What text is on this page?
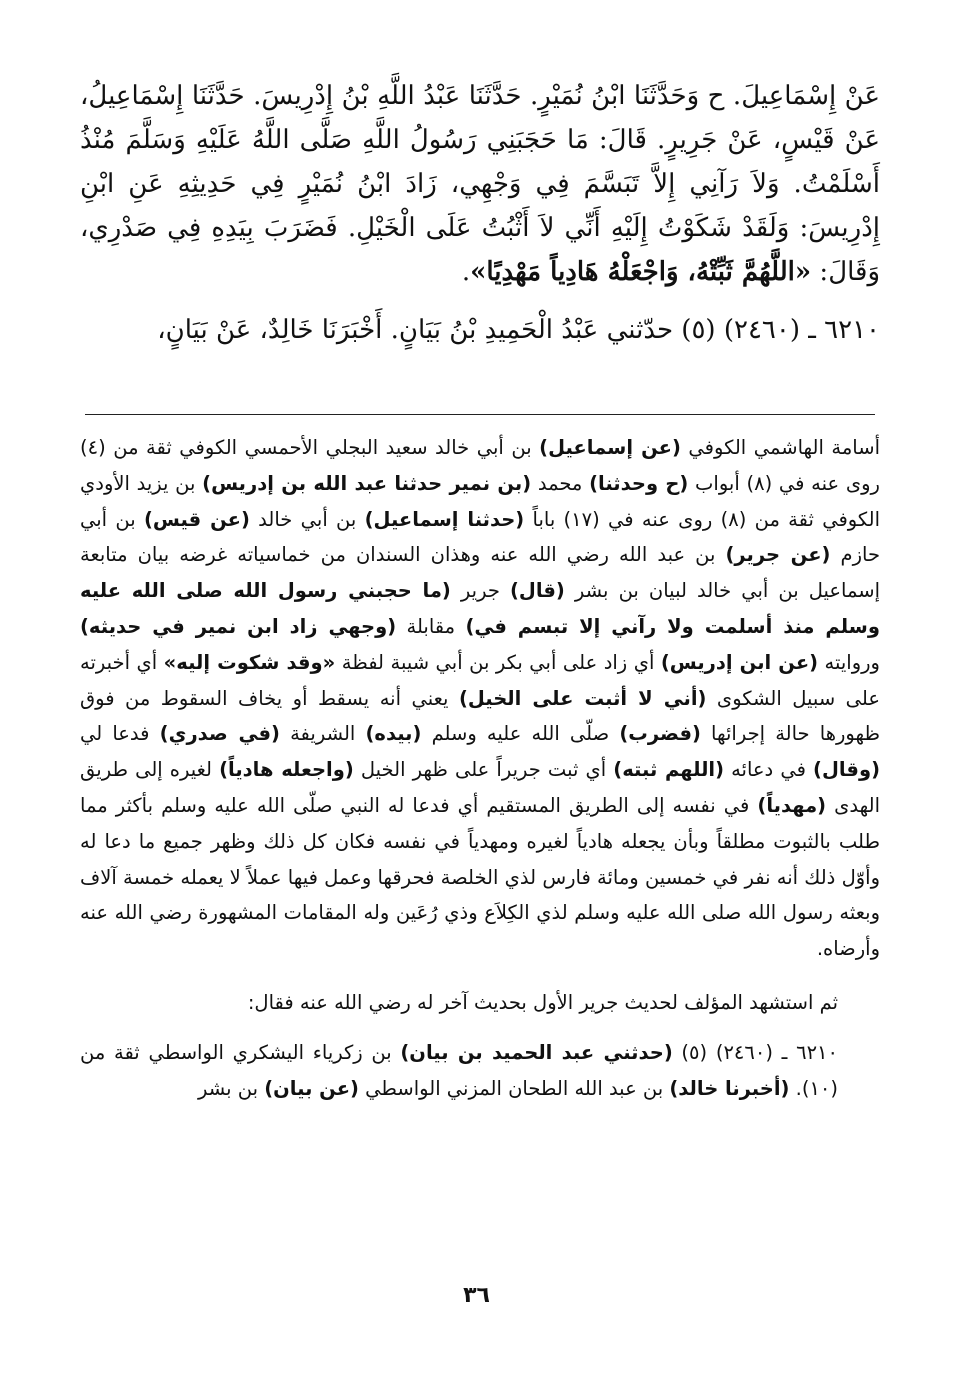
عَنْ إِسْمَاعِيلَ. ح وَحَدَّثَنَا ابْنُ نُمَيْرٍ. حَدَّثَنَا عَبْدُ اللَّهِ بْنُ إِدْرِيسَ. حَدَّثَنَا إِسْمَاعِيلُ، عَنْ قَيْسٍ، عَنْ جَرِيرٍ. قَالَ: مَا حَجَبَنِي رَسُولُ اللَّهِ صَلَّى اللَّهُ عَلَيْهِ وَسَلَّمَ مُنْذُ أَسْلَمْتُ. وَلاَ رَآنِي إِلاَّ تَبَسَّمَ فِي وَجْهِي، زَادَ ابْنُ نُمَيْرٍ فِي حَدِيثِهِ عَنِ ابْنِ إِدْرِيسَ: وَلَقَدْ شَكَوْتُ إِلَيْهِ أَنِّي لاَ أَثْبُتُ عَلَى الْخَيْلِ. فَضَرَبَ بِيَدِهِ فِي صَدْرِي، وَقَالَ: «اللَّهُمَّ ثَبِّتْهُ، وَاجْعَلْهُ هَادِياً مَهْدِيًا».

٦٢١٠ ـ (٢٤٦٠) (٥) حدّثني عَبْدُ الْحَمِيدِ بْنُ بَيَانٍ. أَخْبَرَنَا خَالِدٌ، عَنْ بَيَانٍ،

أسامة الهاشمي الكوفي (عن إسماعيل) بن أبي خالد سعيد البجلي الأحمسي الكوفي ثقة من (٤) روى عنه في (٨) أبواب (ح وحدثنا) محمد (بن نمير حدثنا عبد الله بن إدريس) بن يزيد الأودي الكوفي ثقة من (٨) روى عنه في (١٧) باباً (حدثنا إسماعيل) بن أبي خالد (عن قيس) بن أبي حازم (عن جرير) بن عبد الله رضي الله عنه وهذان السندان من خماسياته غرضه بيان متابعة إسماعيل بن أبي خالد لبيان بن بشر (قال) جرير (ما حجبني رسول الله صلى الله عليه وسلم منذ أسلمت ولا رآني إلا تبسم في) مقابلة (وجهي زاد ابن نمير في حديثه) وروايته (عن ابن إدريس) أي زاد على أبي بكر بن أبي شيبة لفظة «وقد شكوت إليه» أي أخبرته على سبيل الشكوى (أني لا أثبت على الخيل) يعني أنه يسقط أو يخاف السقوط من فوق ظهورها حالة إجرائها (فضرب) صلّى الله عليه وسلم (بيده) الشريفة (في صدري) فدعا لي (وقال) في دعائه (اللهم ثبته) أي ثبت جريراً على ظهر الخيل (واجعله هادياً) لغيره إلى طريق الهدى (مهدياً) في نفسه إلى الطريق المستقيم أي فدعا له النبي صلّى الله عليه وسلم بأكثر مما طلب بالثبوت مطلقاً وبأن يجعله هادياً لغيره ومهدياً في نفسه فكان كل ذلك وظهر جميع ما دعا له وأوّل ذلك أنه نفر في خمسين ومائة فارس لذي الخلصة فحرقها وعمل فيها عملاً لا يعمله خمسة آلاف وبعثه رسول الله صلى الله عليه وسلم لذي الكِلاَع وذي رُعَين وله المقامات المشهورة رضي الله عنه وأرضاه.

ثم استشهد المؤلف لحديث جرير الأول بحديث آخر له رضي الله عنه فقال:

٦٢١٠ ـ (٢٤٦٠) (٥) (حدثني عبد الحميد بن بيان) بن زكرياء اليشكري الواسطي ثقة من (١٠). (أخبرنا خالد) بن عبد الله الطحان المزني الواسطي (عن بيان) بن بشر

٣٦
